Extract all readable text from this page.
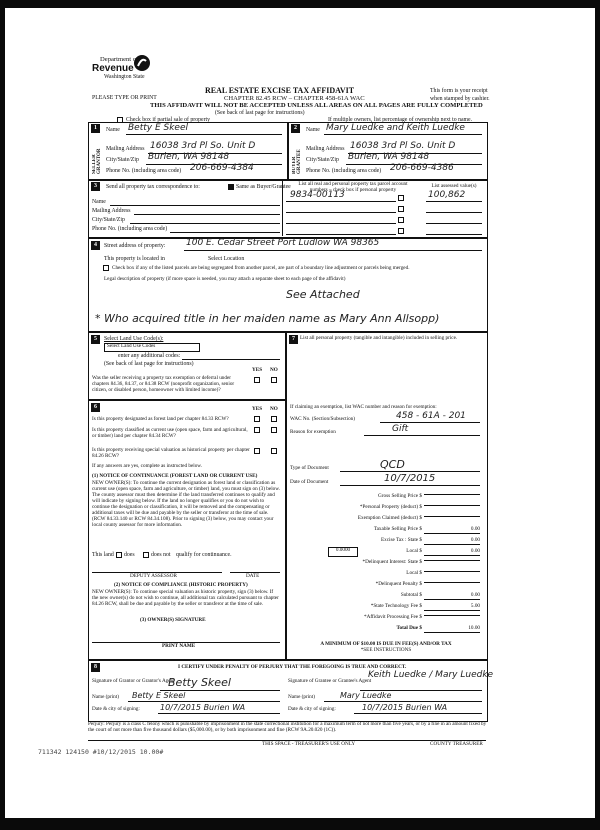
Department of
Revenue
Washington State
PLEASE TYPE OR PRINT
REAL ESTATE EXCISE TAX AFFIDAVIT
CHAPTER 82.45 RCW – CHAPTER 458-61A WAC
THIS AFFIDAVIT WILL NOT BE ACCEPTED UNLESS ALL AREAS ON ALL PAGES ARE FULLY COMPLETED
(See back of last page for instructions)
This form is your receipt
when stamped by cashier.
Check box if partial sale of property	If multiple owners, list percentage of ownership next to name.
1
SELLER GRANTOR
Name Betty E Skeel
Mailing Address 16038 3rd Pl So. Unit D
City/State/Zip Burien, WA 98148
Phone No. (including area code) 206-669-4384
2
BUYER GRANTEE
Name Mary Luedke and Keith Luedke
Mailing Address 16038 3rd Pl So. Unit D
City/State/Zip Burien, WA 98148
Phone No. (including area code) 206-669-4386
3	Send all property tax correspondence to:	Same as Buyer/Grantee
Name
Mailing Address
City/State/Zip
Phone No. (including area code)
List all real and personal property tax parcel account
numbers – check box if personal property
List assessed value(s)
9834-00113	100,862
4	Street address of property: 100 E. Cedar Street Port Ludlow WA 98365
This property is located in	Select Location
Check box if any of the listed parcels are being segregated from another parcel, are part of a boundary line adjustment or parcels being merged.
Legal description of property (if more space is needed, you may attach a separate sheet to each page of the affidavit)
See Attached
* Who acquired title in her maiden name as Mary Ann Allsopp)
5	Select Land Use Code(s):
Select Land Use Codes
enter any additional codes:
(See back of last page for instructions)
YES NO
Was the seller receiving a property tax exemption or deferral under chapters 84.36, 84.37, or 84.38 RCW (nonprofit organization, senior citizen, or disabled person, homeowner with limited income)?
6	YES NO
Is this property designated as forest land per chapter 84.33 RCW?
Is this property classified as current use (open space, farm and agricultural, or timber) land per chapter 84.34 RCW?
Is this property receiving special valuation as historical property per chapter 84.26 RCW?
If any answers are yes, complete as instructed below.
(1) NOTICE OF CONTINUANCE (FOREST LAND OR CURRENT USE)
NEW OWNER(S): To continue the current designation as forest land or classification as current use (open space, farm and agriculture, or timber) land, you must sign on (3) below. The county assessor must then determine if the land transferred continues to qualify and will indicate by signing below. If the land no longer qualifies or you do not wish to continue the designation or classification, it will be removed and the compensating or additional taxes will be due and payable by the seller or transferor at the time of sale. (RCW 84.33.140 or RCW 84.34.108). Prior to signing (3) below, you may contact your local county assessor for more information.
This land does	does not qualify for continuance.
DEPUTY ASSESSOR	DATE
(2) NOTICE OF COMPLIANCE (HISTORIC PROPERTY)
NEW OWNER(S): To continue special valuation as historic property, sign (3) below. If the new owner(s) do not wish to continue, all additional tax calculated pursuant to chapter 84.26 RCW, shall be due and payable by the seller or transferor at the time of sale.
(3) OWNER(S) SIGNATURE
PRINT NAME
7 List all personal property (tangible and intangible) included in selling price.
If claiming an exemption, list WAC number and reason for exemption:
WAC No. (Section/Subsection)	458 - 61A - 201
Reason for exemption	Gift
Type of Document	QCD
Date of Document	10/7/2015
Gross Selling Price $
*Personal Property (deduct) $
Exemption Claimed (deduct) $
Taxable Selling Price $	0.00
Excise Tax : State $	0.00
0.0000	Local $	0.00
*Delinquent Interest: State $
Local $
*Delinquent Penalty $
Subtotal $	0.00
*State Technology Fee $	5.00
*Affidavit Processing Fee $
Total Due $	10.00
A MINIMUM OF $10.00 IS DUE IN FEE(S) AND/OR TAX
*SEE INSTRUCTIONS
8	I CERTIFY UNDER PENALTY OF PERJURY THAT THE FOREGOING IS TRUE AND CORRECT.
Signature of Grantor or Grantor's Agent
Betty Skeel
Name (print) Betty E Skeel
Date & city of signing:	10/7/2015 Burien WA
Signature of Grantee or Grantee's Agent
Keith Luedke / Mary Luedke
Name (print)	Mary Luedke
Date & city of signing:	10/7/2015 Burien WA
Perjury: Perjury is a class C felony which is punishable by imprisonment in the state correctional institution for a maximum term of not more than five years, or by a fine in an amount fixed by the court of not more than five thousand dollars ($5,000.00), or by both imprisonment and fine (RCW 9A.20.020 (1C)).
711342 124150 #10/12/2015 10.00#
THIS SPACE - TREASURER'S USE ONLY	COUNTY TREASURER
